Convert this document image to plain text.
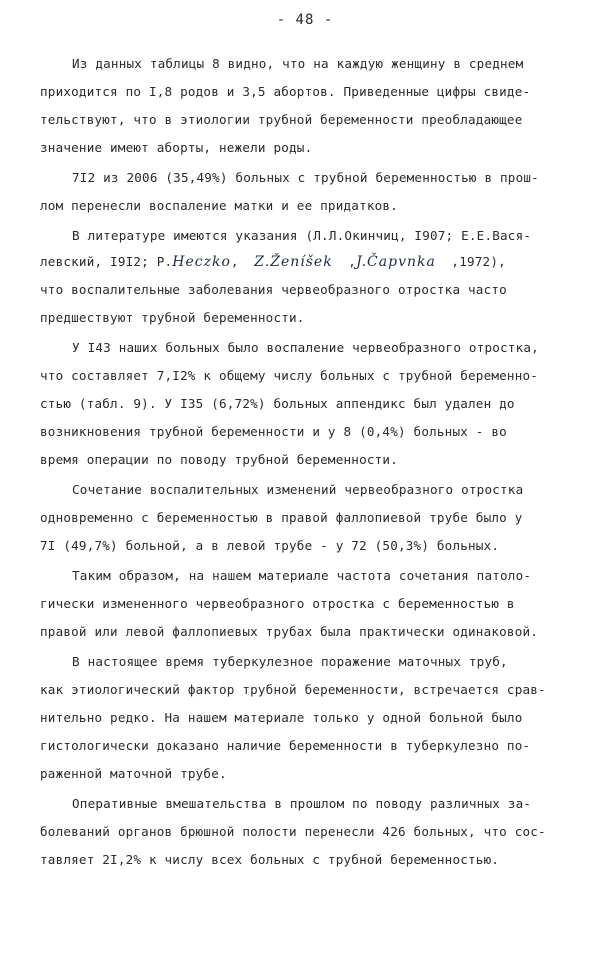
- 48 -
Из данных таблицы 8 видно, что на каждую женщину в среднем
приходится по I,8 родов и 3,5 абортов. Приведенные цифры свиде-
тельствуют, что в этиологии трубной беременности преобладающее
значение имеют аборты, нежели роды.
7I2 из 2006 (35,49%) больных с трубной беременностью в прош-
лом перенесли воспаление матки и ее придатков.
В литературе имеются указания (Л.Л.Окинчиц, I907; Е.Е.Вася-
левский, I9I2; P.Heczko, Z.Ženíšek ,J.Čapvnka ,1972),
что воспалительные заболевания червеобразного отростка часто
предшествуют трубной беременности.
У I43 наших больных было воспаление червеобразного отростка,
что составляет 7,I2% к общему числу больных с трубной беременно-
стью (табл. 9). У I35 (6,72%) больных аппендикс был удален до
возникновения трубной беременности и у 8 (0,4%) больных - во
время операции по поводу трубной беременности.
Сочетание воспалительных изменений червеобразного отростка
одновременно с беременностью в правой фаллопиевой трубе было у
7I (49,7%) больной, а в левой трубе - у 72 (50,3%) больных.
Таким образом, на нашем материале частота сочетания патоло-
гически измененного червеобразного отростка с беременностью в
правой или левой фаллопиевых трубах была практически одинаковой.
В настоящее время туберкулезное поражение маточных труб,
как этиологический фактор трубной беременности, встречается срав-
нительно редко. На нашем материале только у одной больной было
гистологически доказано наличие беременности в туберкулезно по-
раженной маточной трубе.
Оперативные вмешательства в прошлом по поводу различных за-
болеваний органов брюшной полости перенесли 426 больных, что сос-
тавляет 2I,2% к числу всех больных с трубной беременностью.
